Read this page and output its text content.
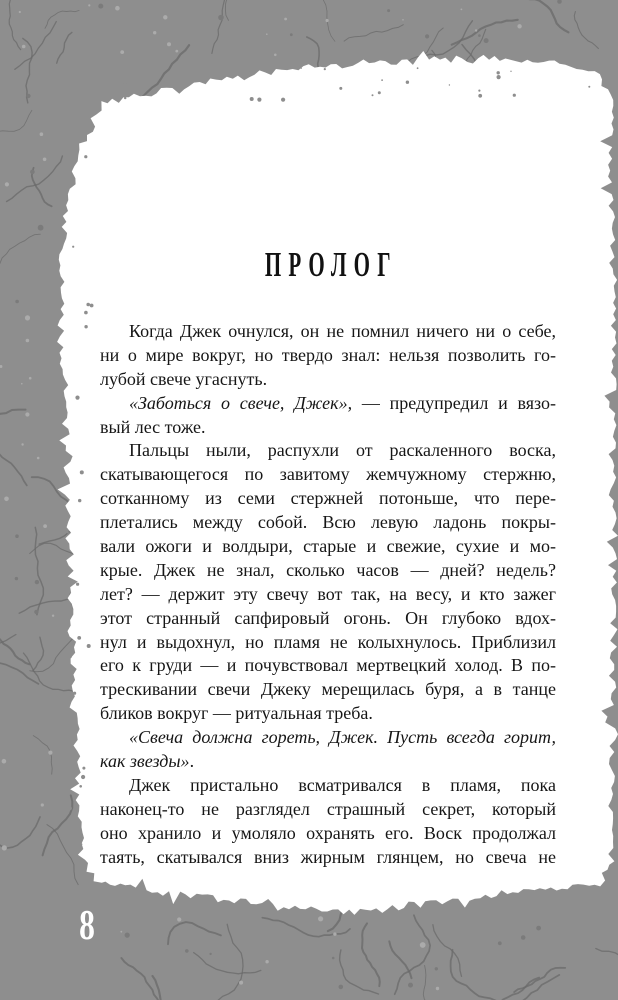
ПРОЛОГ
Когда Джек очнулся, он не помнил ничего ни о себе,
ни о мире вокруг, но твердо знал: нельзя позволить го-
лубой свече угаснуть.
«Заботься о свече, Джек», — предупредил и вязо-
вый лес тоже.
Пальцы ныли, распухли от раскаленного воска,
скатывающегося по завитому жемчужному стержню,
сотканному из семи стержней потоньше, что пере-
плетались между собой. Всю левую ладонь покры-
вали ожоги и волдыри, старые и свежие, сухие и мо-
крые. Джек не знал, сколько часов — дней? недель?
лет? — держит эту свечу вот так, на весу, и кто зажег
этот странный сапфировый огонь. Он глубоко вдох-
нул и выдохнул, но пламя не колыхнулось. Приблизил
его к груди — и почувствовал мертвецкий холод. В по-
трескивании свечи Джеку мерещилась буря, а в танце
бликов вокруг — ритуальная треба.
«Свеча должна гореть, Джек. Пусть всегда горит,
как звезды».
Джек пристально всматривался в пламя, пока
наконец-то не разглядел страшный секрет, который
оно хранило и умоляло охранять его. Воск продолжал
таять, скатывался вниз жирным глянцем, но свеча не
8
